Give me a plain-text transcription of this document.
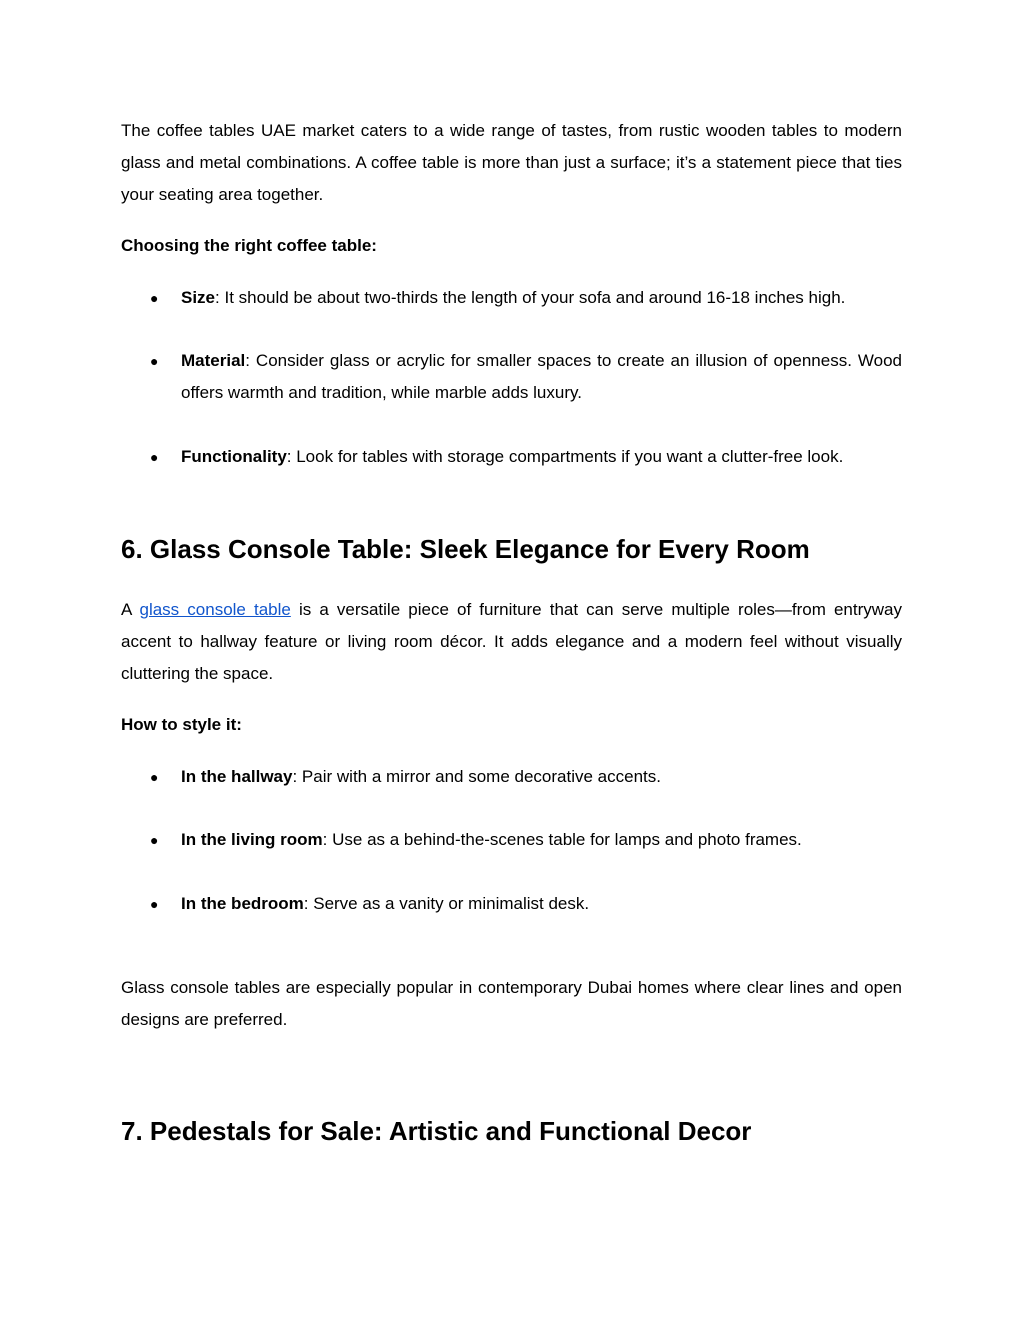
The coffee tables UAE market caters to a wide range of tastes, from rustic wooden tables to modern glass and metal combinations. A coffee table is more than just a surface; it’s a statement piece that ties your seating area together.

Choosing the right coffee table:

● Size: It should be about two-thirds the length of your sofa and around 16-18 inches high.
● Material: Consider glass or acrylic for smaller spaces to create an illusion of openness. Wood offers warmth and tradition, while marble adds luxury.
● Functionality: Look for tables with storage compartments if you want a clutter-free look.
6. Glass Console Table: Sleek Elegance for Every Room

A glass console table is a versatile piece of furniture that can serve multiple roles—from entryway accent to hallway feature or living room décor. It adds elegance and a modern feel without visually cluttering the space.

How to style it:

● In the hallway: Pair with a mirror and some decorative accents.
● In the living room: Use as a behind-the-scenes table for lamps and photo frames.
● In the bedroom: Serve as a vanity or minimalist desk.

Glass console tables are especially popular in contemporary Dubai homes where clear lines and open designs are preferred.

7. Pedestals for Sale: Artistic and Functional Decor
